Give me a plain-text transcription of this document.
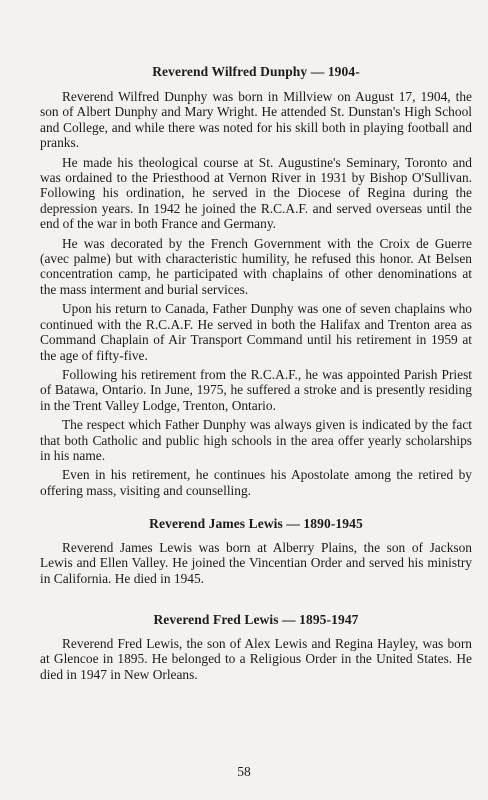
Reverend Wilfred Dunphy — 1904-

Reverend Wilfred Dunphy was born in Millview on August 17, 1904, the son of Albert Dunphy and Mary Wright. He attended St. Dunstan's High School and College, and while there was noted for his skill both in playing football and pranks.

He made his theological course at St. Augustine's Seminary, Toronto and was ordained to the Priesthood at Vernon River in 1931 by Bishop O'Sullivan. Following his ordination, he served in the Diocese of Regina during the depression years. In 1942 he joined the R.C.A.F. and served overseas until the end of the war in both France and Germany.

He was decorated by the French Government with the Croix de Guerre (avec palme) but with characteristic humility, he refused this honor. At Belsen concentration camp, he participated with chaplains of other denominations at the mass interment and burial services.

Upon his return to Canada, Father Dunphy was one of seven chaplains who continued with the R.C.A.F. He served in both the Halifax and Trenton area as Command Chaplain of Air Transport Command until his retirement in 1959 at the age of fifty-five.

Following his retirement from the R.C.A.F., he was appointed Parish Priest of Batawa, Ontario. In June, 1975, he suffered a stroke and is presently residing in the Trent Valley Lodge, Trenton, Ontario.

The respect which Father Dunphy was always given is indicated by the fact that both Catholic and public high schools in the area offer yearly scholarships in his name.

Even in his retirement, he continues his Apostolate among the retired by offering mass, visiting and counselling.

Reverend James Lewis — 1890-1945

Reverend James Lewis was born at Alberry Plains, the son of Jackson Lewis and Ellen Valley. He joined the Vincentian Order and served his ministry in California. He died in 1945.

Reverend Fred Lewis — 1895-1947

Reverend Fred Lewis, the son of Alex Lewis and Regina Hayley, was born at Glencoe in 1895. He belonged to a Religious Order in the United States. He died in 1947 in New Orleans.

58
